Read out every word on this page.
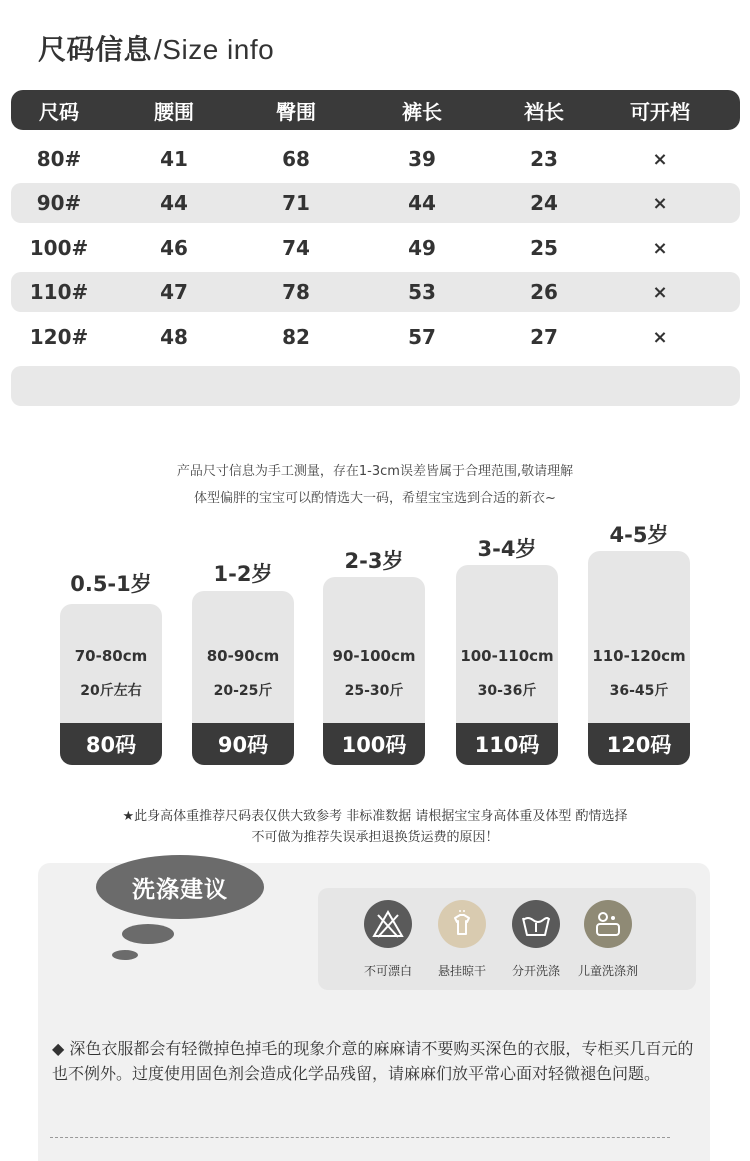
尺码信息/Size info
尺码	腰围	臀围	裤长	裆长	可开档
80#	41	68	39	23	×
90#	44	71	44	24	×
100#	46	74	49	25	×
110#	47	78	53	26	×
120#	48	82	57	27	×
产品尺寸信息为手工测量，存在1-3cm误差皆属于合理范围,敬请理解
体型偏胖的宝宝可以酌情选大一码，希望宝宝选到合适的新衣~
0.5-1岁
70-80cm
20斤左右
80码
1-2岁
80-90cm
20-25斤
90码
2-3岁
90-100cm
25-30斤
100码
3-4岁
100-110cm
30-36斤
110码
4-5岁
110-120cm
36-45斤
120码
★此身高体重推荐尺码表仅供大致参考 非标准数据 请根据宝宝身高体重及体型 酌情选择
不可做为推荐失误承担退换货运费的原因！
洗涤建议
不可漂白	悬挂晾干	分开洗涤	儿童洗涤剂
◆ 深色衣服都会有轻微掉色掉毛的现象介意的麻麻请不要购买深色的衣服，专柜买几百元的也不例外。过度使用固色剂会造成化学品残留，请麻麻们放平常心面对轻微褪色问题。
